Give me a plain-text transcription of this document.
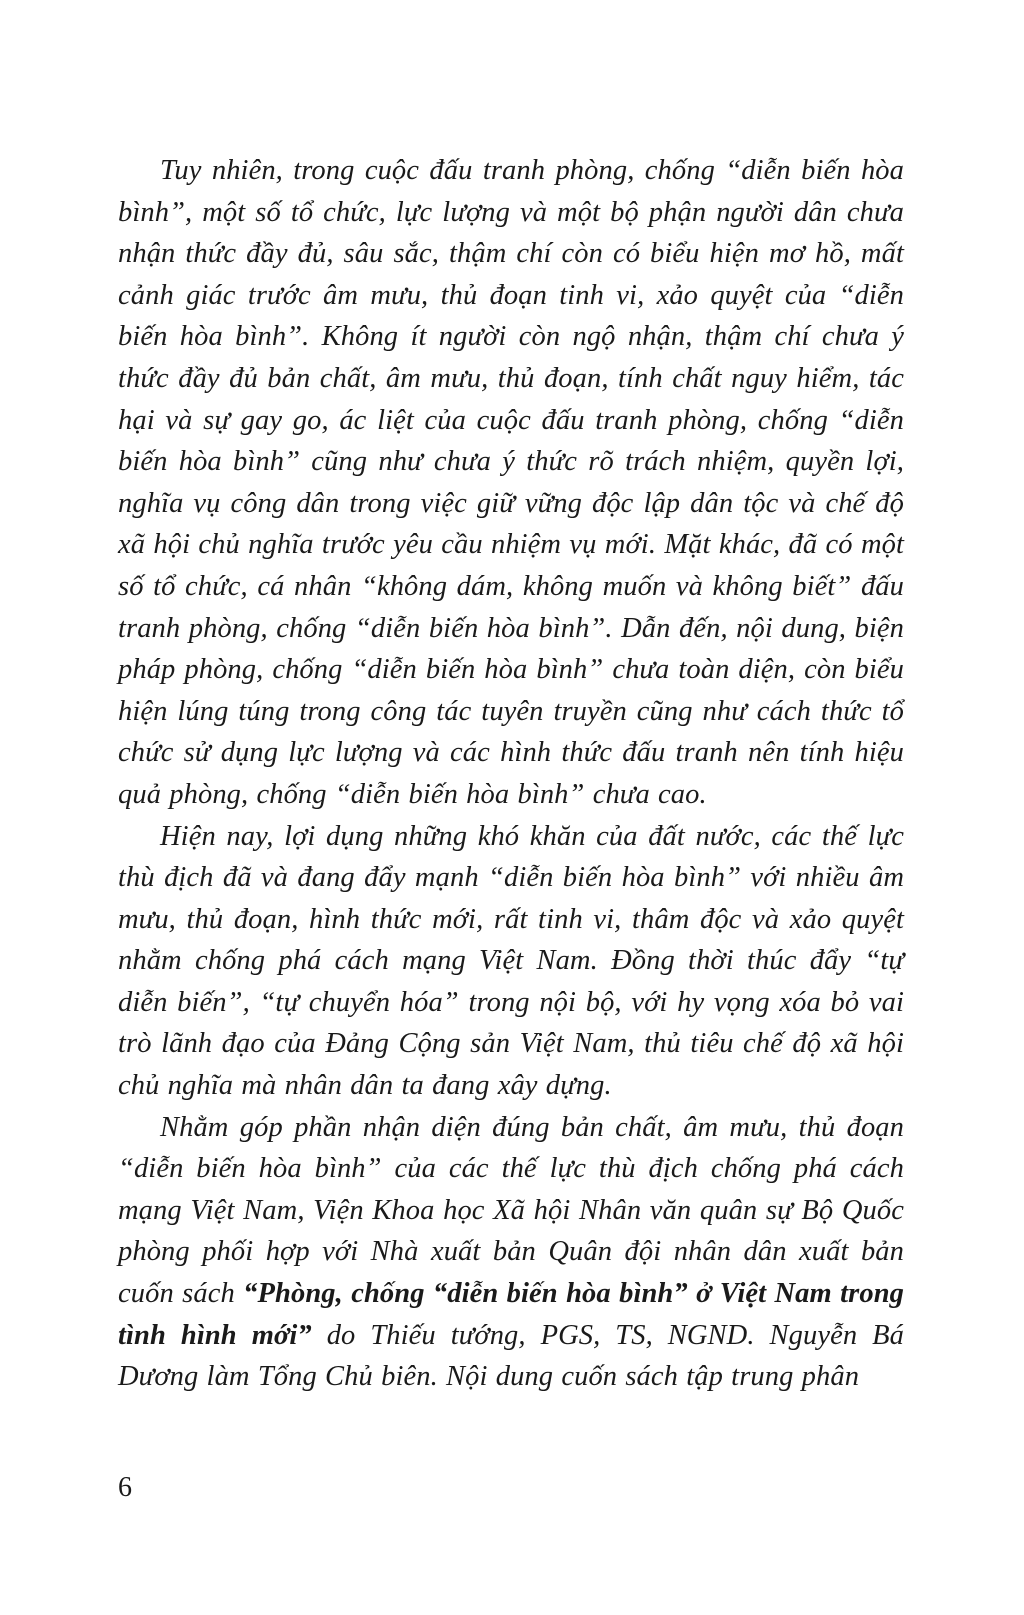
Tuy nhiên, trong cuộc đấu tranh phòng, chống “diễn biến hòa bình”, một số tổ chức, lực lượng và một bộ phận người dân chưa nhận thức đầy đủ, sâu sắc, thậm chí còn có biểu hiện mơ hồ, mất cảnh giác trước âm mưu, thủ đoạn tinh vi, xảo quyệt của “diễn biến hòa bình”. Không ít người còn ngộ nhận, thậm chí chưa ý thức đầy đủ bản chất, âm mưu, thủ đoạn, tính chất nguy hiểm, tác hại và sự gay go, ác liệt của cuộc đấu tranh phòng, chống “diễn biến hòa bình” cũng như chưa ý thức rõ trách nhiệm, quyền lợi, nghĩa vụ công dân trong việc giữ vững độc lập dân tộc và chế độ xã hội chủ nghĩa trước yêu cầu nhiệm vụ mới. Mặt khác, đã có một số tổ chức, cá nhân “không dám, không muốn và không biết” đấu tranh phòng, chống “diễn biến hòa bình”. Dẫn đến, nội dung, biện pháp phòng, chống “diễn biến hòa bình” chưa toàn diện, còn biểu hiện lúng túng trong công tác tuyên truyền cũng như cách thức tổ chức sử dụng lực lượng và các hình thức đấu tranh nên tính hiệu quả phòng, chống “diễn biến hòa bình” chưa cao.

Hiện nay, lợi dụng những khó khăn của đất nước, các thế lực thù địch đã và đang đẩy mạnh “diễn biến hòa bình” với nhiều âm mưu, thủ đoạn, hình thức mới, rất tinh vi, thâm độc và xảo quyệt nhằm chống phá cách mạng Việt Nam. Đồng thời thúc đẩy “tự diễn biến”, “tự chuyển hóa” trong nội bộ, với hy vọng xóa bỏ vai trò lãnh đạo của Đảng Cộng sản Việt Nam, thủ tiêu chế độ xã hội chủ nghĩa mà nhân dân ta đang xây dựng.

Nhằm góp phần nhận diện đúng bản chất, âm mưu, thủ đoạn “diễn biến hòa bình” của các thế lực thù địch chống phá cách mạng Việt Nam, Viện Khoa học Xã hội Nhân văn quân sự Bộ Quốc phòng phối hợp với Nhà xuất bản Quân đội nhân dân xuất bản cuốn sách “Phòng, chống “diễn biến hòa bình” ở Việt Nam trong tình hình mới” do Thiếu tướng, PGS, TS, NGND. Nguyễn Bá Dương làm Tổng Chủ biên. Nội dung cuốn sách tập trung phân

6
